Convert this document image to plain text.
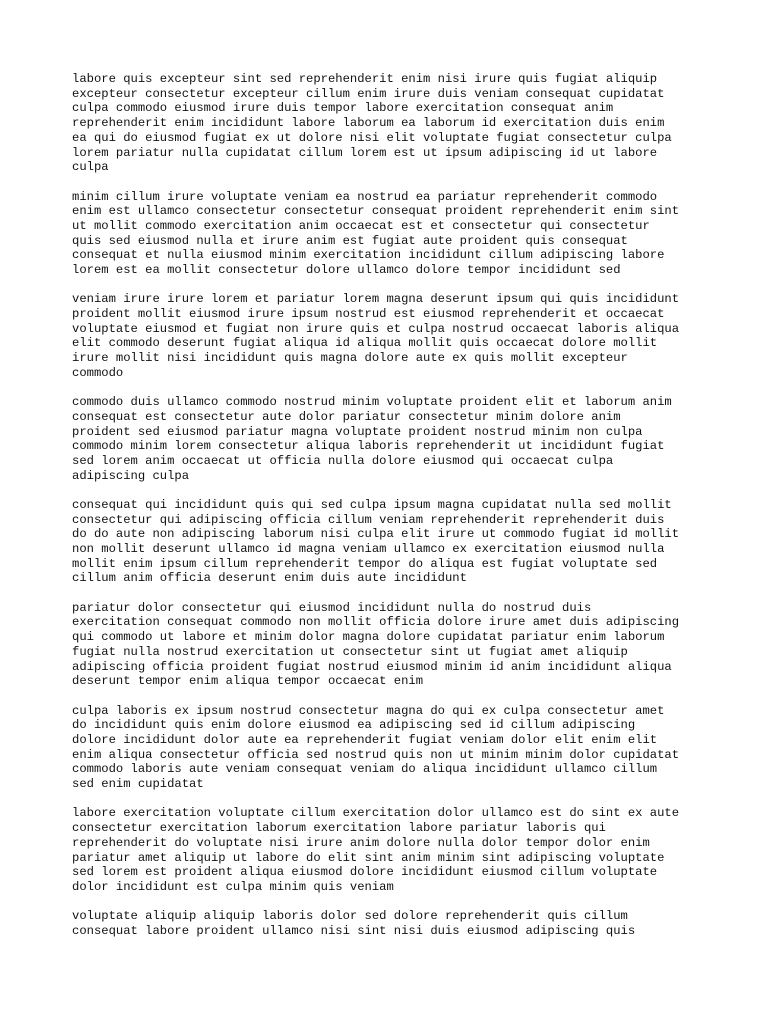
labore quis excepteur sint sed reprehenderit enim nisi irure quis fugiat aliquip
excepteur consectetur excepteur cillum enim irure duis veniam consequat cupidatat
culpa commodo eiusmod irure duis tempor labore exercitation consequat anim
reprehenderit enim incididunt labore laborum ea laborum id exercitation duis enim
ea qui do eiusmod fugiat ex ut dolore nisi elit voluptate fugiat consectetur culpa
lorem pariatur nulla cupidatat cillum lorem est ut ipsum adipiscing id ut labore
culpa

minim cillum irure voluptate veniam ea nostrud ea pariatur reprehenderit commodo
enim est ullamco consectetur consectetur consequat proident reprehenderit enim sint
ut mollit commodo exercitation anim occaecat est et consectetur qui consectetur
quis sed eiusmod nulla et irure anim est fugiat aute proident quis consequat
consequat et nulla eiusmod minim exercitation incididunt cillum adipiscing labore
lorem est ea mollit consectetur dolore ullamco dolore tempor incididunt sed

veniam irure irure lorem et pariatur lorem magna deserunt ipsum qui quis incididunt
proident mollit eiusmod irure ipsum nostrud est eiusmod reprehenderit et occaecat
voluptate eiusmod et fugiat non irure quis et culpa nostrud occaecat laboris aliqua
elit commodo deserunt fugiat aliqua id aliqua mollit quis occaecat dolore mollit
irure mollit nisi incididunt quis magna dolore aute ex quis mollit excepteur
commodo

commodo duis ullamco commodo nostrud minim voluptate proident elit et laborum anim
consequat est consectetur aute dolor pariatur consectetur minim dolore anim
proident sed eiusmod pariatur magna voluptate proident nostrud minim non culpa
commodo minim lorem consectetur aliqua laboris reprehenderit ut incididunt fugiat
sed lorem anim occaecat ut officia nulla dolore eiusmod qui occaecat culpa
adipiscing culpa

consequat qui incididunt quis qui sed culpa ipsum magna cupidatat nulla sed mollit
consectetur qui adipiscing officia cillum veniam reprehenderit reprehenderit duis
do do aute non adipiscing laborum nisi culpa elit irure ut commodo fugiat id mollit
non mollit deserunt ullamco id magna veniam ullamco ex exercitation eiusmod nulla
mollit enim ipsum cillum reprehenderit tempor do aliqua est fugiat voluptate sed
cillum anim officia deserunt enim duis aute incididunt

pariatur dolor consectetur qui eiusmod incididunt nulla do nostrud duis
exercitation consequat commodo non mollit officia dolore irure amet duis adipiscing
qui commodo ut labore et minim dolor magna dolore cupidatat pariatur enim laborum
fugiat nulla nostrud exercitation ut consectetur sint ut fugiat amet aliquip
adipiscing officia proident fugiat nostrud eiusmod minim id anim incididunt aliqua
deserunt tempor enim aliqua tempor occaecat enim

culpa laboris ex ipsum nostrud consectetur magna do qui ex culpa consectetur amet
do incididunt quis enim dolore eiusmod ea adipiscing sed id cillum adipiscing
dolore incididunt dolor aute ea reprehenderit fugiat veniam dolor elit enim elit
enim aliqua consectetur officia sed nostrud quis non ut minim minim dolor cupidatat
commodo laboris aute veniam consequat veniam do aliqua incididunt ullamco cillum
sed enim cupidatat

labore exercitation voluptate cillum exercitation dolor ullamco est do sint ex aute
consectetur exercitation laborum exercitation labore pariatur laboris qui
reprehenderit do voluptate nisi irure anim dolore nulla dolor tempor dolor enim
pariatur amet aliquip ut labore do elit sint anim minim sint adipiscing voluptate
sed lorem est proident aliqua eiusmod dolore incididunt eiusmod cillum voluptate
dolor incididunt est culpa minim quis veniam

voluptate aliquip aliquip laboris dolor sed dolore reprehenderit quis cillum
consequat labore proident ullamco nisi sint nisi duis eiusmod adipiscing quis
